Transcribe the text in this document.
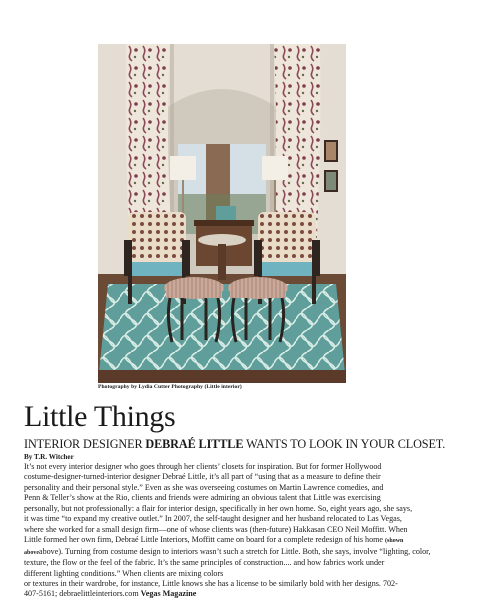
Photography by Lydia Cutter Photography (Little interior)
Little Things

INTERIOR DESIGNER DEBRAÉ LITTLE WANTS TO LOOK IN YOUR CLOSET.

By T.R. Witcher

It’s not every interior designer who goes through her clients’ closets for inspiration. But for former Hollywood
costume-designer-turned-interior designer Debraé Little, it’s all part of “using that as a measure to define their
personality and their personal style.” Even as she was overseeing costumes on Martin Lawrence comedies, and
Penn & Teller’s show at the Rio, clients and friends were admiring an obvious talent that Little was exercising
personally, but not professionally: a flair for interior design, specifically in her own home. So, eight years ago, she says,
it was time “to expand my creative outlet.” In 2007, the self-taught designer and her husband relocated to Las Vegas,
where she worked for a small design firm—one of whose clients was (then-future) Hakkasan CEO Neil Moffitt. When
Little formed her own firm, Debraé Little Interiors, Moffitt came on board for a complete redesign of his home (shown
aboveabove). Turning from costume design to interiors wasn’t such a stretch for Little. Both, she says, involve “lighting, color,
texture, the flow or the feel of the fabric. It’s the same principles of construction.... and how fabrics work under
different lighting conditions.” When clients are mixing colors
or textures in their wardrobe, for instance, Little knows she has a license to be similarly bold with her designs. 702-
407-5161; debraelittleinteriors.com Vegas Magazine
